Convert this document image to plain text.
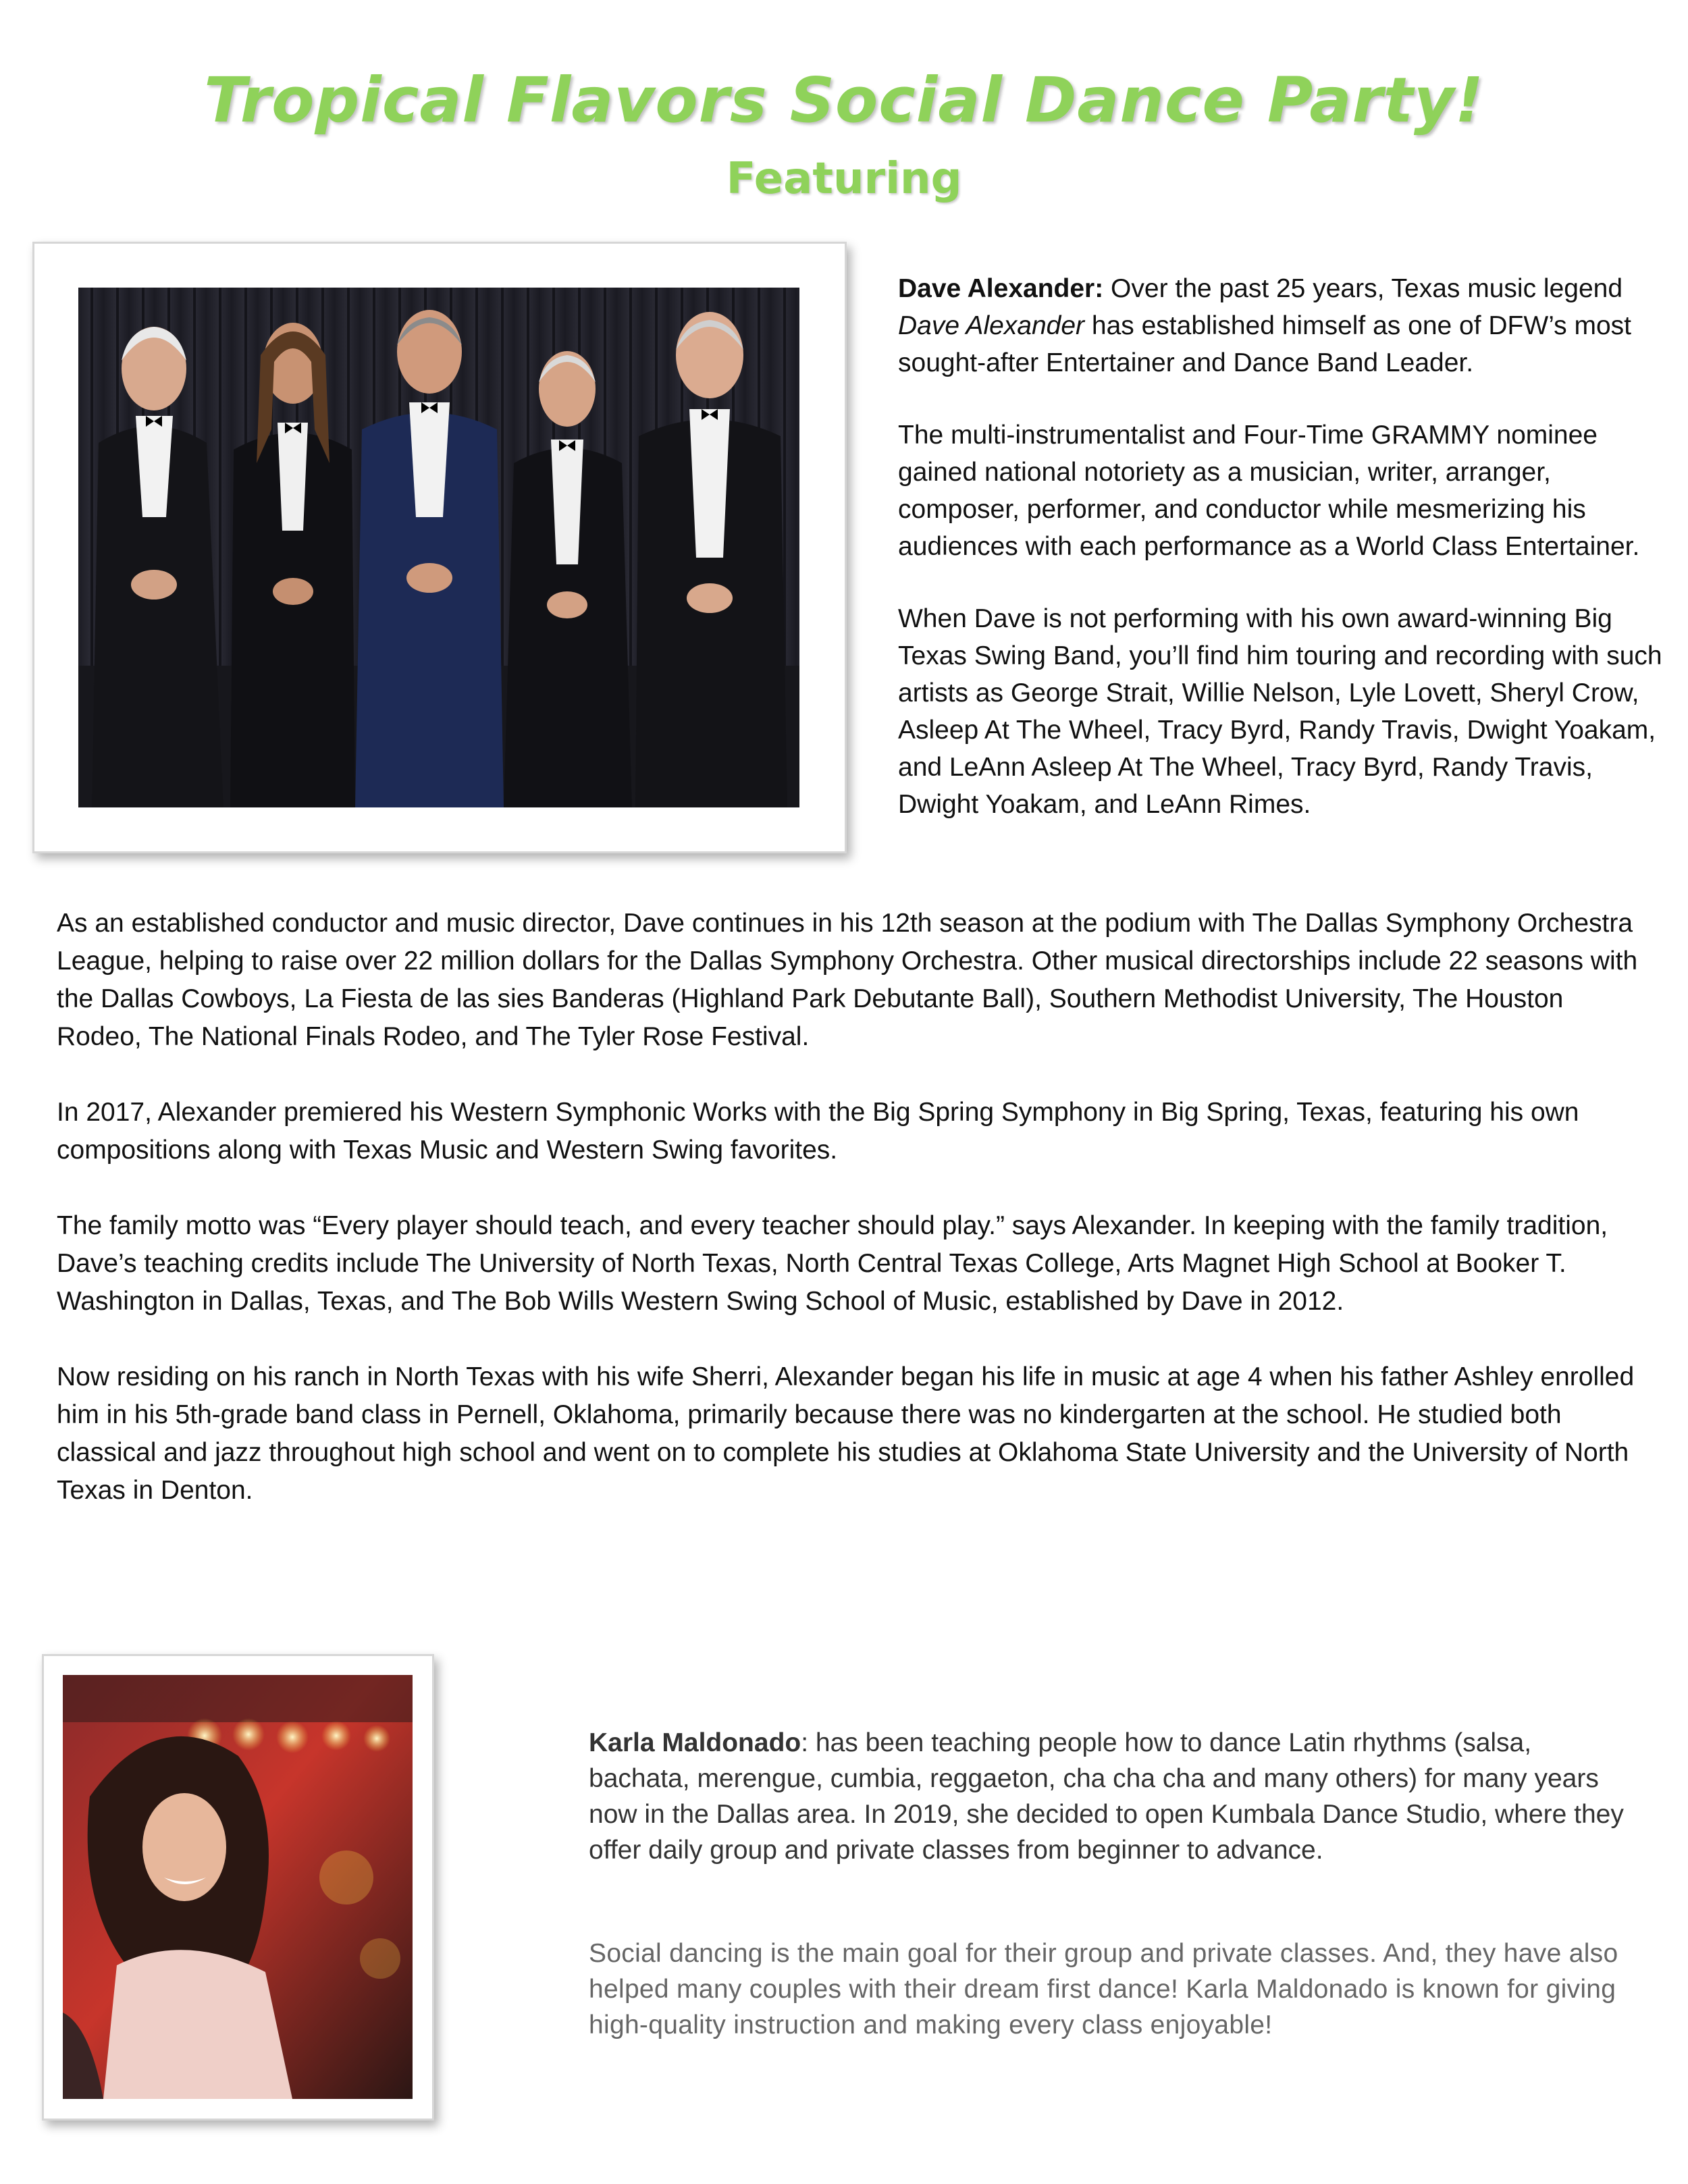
Tropical Flavors Social Dance Party!
Featuring

Dave Alexander: Over the past 25 years, Texas music legend Dave Alexander has established himself as one of DFW’s most sought-after Entertainer and Dance Band Leader.

The multi-instrumentalist and Four-Time GRAMMY nominee gained national notoriety as a musician, writer, arranger, composer, performer, and conductor while mesmerizing his audiences with each performance as a World Class Entertainer.

When Dave is not performing with his own award-winning Big Texas Swing Band, you’ll find him touring and recording with such artists as George Strait, Willie Nelson, Lyle Lovett, Sheryl Crow, Asleep At The Wheel, Tracy Byrd, Randy Travis, Dwight Yoakam, and LeAnn Asleep At The Wheel, Tracy Byrd, Randy Travis, Dwight Yoakam, and LeAnn Rimes.

As an established conductor and music director, Dave continues in his 12th season at the podium with The Dallas Symphony Orchestra League, helping to raise over 22 million dollars for the Dallas Symphony Orchestra. Other musical directorships include 22 seasons with the Dallas Cowboys, La Fiesta de las sies Banderas (Highland Park Debutante Ball), Southern Methodist University, The Houston Rodeo, The National Finals Rodeo, and The Tyler Rose Festival.

In 2017, Alexander premiered his Western Symphonic Works with the Big Spring Symphony in Big Spring, Texas, featuring his own compositions along with Texas Music and Western Swing favorites.

The family motto was “Every player should teach, and every teacher should play.” says Alexander. In keeping with the family tradition, Dave’s teaching credits include The University of North Texas, North Central Texas College, Arts Magnet High School at Booker T. Washington in Dallas, Texas, and The Bob Wills Western Swing School of Music, established by Dave in 2012.

Now residing on his ranch in North Texas with his wife Sherri, Alexander began his life in music at age 4 when his father Ashley enrolled him in his 5th-grade band class in Pernell, Oklahoma, primarily because there was no kindergarten at the school. He studied both classical and jazz throughout high school and went on to complete his studies at Oklahoma State University and the University of North Texas in Denton.

Karla Maldonado: has been teaching people how to dance Latin rhythms (salsa, bachata, merengue, cumbia, reggaeton, cha cha cha and many others) for many years now in the Dallas area. In 2019, she decided to open Kumbala Dance Studio, where they offer daily group and private classes from beginner to advance.

Social dancing is the main goal for their group and private classes. And, they have also helped many couples with their dream first dance! Karla Maldonado is known for giving high-quality instruction and making every class enjoyable!
